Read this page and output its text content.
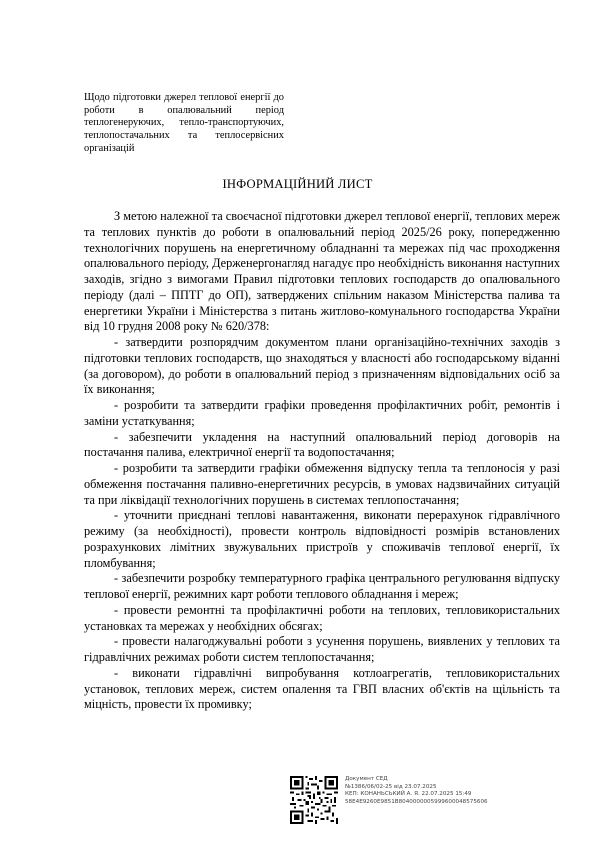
Щодо підготовки джерел теплової енергії до роботи в опалювальний період теплогенеруючих, тепло-транспортуючих, теплопостачальних та теплосервісних організацій

ІНФОРМАЦІЙНИЙ ЛИСТ

З метою належної та своєчасної підготовки джерел теплової енергії, теплових мереж та теплових пунктів до роботи в опалювальний період 2025/26 року, попередженню технологічних порушень на енергетичному обладнанні та мережах під час проходження опалювального періоду, Держенергонагляд нагадує про необхідність виконання наступних заходів, згідно з вимогами Правил підготовки теплових господарств до опалювального періоду (далі – ППТГ до ОП), затверджених спільним наказом Міністерства палива та енергетики України і Міністерства з питань житлово-комунального господарства України від 10 грудня 2008 року № 620/378:

- затвердити розпорядчим документом плани організаційно-технічних заходів з підготовки теплових господарств, що знаходяться у власності або господарському віданні (за договором), до роботи в опалювальний період з призначенням відповідальних осіб за їх виконання;

- розробити та затвердити графіки проведення профілактичних робіт, ремонтів і заміни устаткування;

- забезпечити укладення на наступний опалювальний період договорів на постачання палива, електричної енергії та водопостачання;

- розробити та затвердити графіки обмеження відпуску тепла та теплоносія у разі обмеження постачання паливно-енергетичних ресурсів, в умовах надзвичайних ситуацій та при ліквідації технологічних порушень в системах теплопостачання;

- уточнити приєднані теплові навантаження, виконати перерахунок гідравлічного режиму (за необхідності), провести контроль відповідності розмірів встановлених розрахункових лімітних звужувальних пристроїв у споживачів теплової енергії, їх пломбування;

- забезпечити розробку температурного графіка центрального регулювання відпуску теплової енергії, режимних карт роботи теплового обладнання і мереж;

- провести ремонтні та профілактичні роботи на теплових, тепловикористальних установках та мережах у необхідних обсягах;

- провести налагоджувальні роботи з усунення порушень, виявлених у теплових та гідравлічних режимах роботи систем теплопостачання;

- виконати гідравлічні випробування котлоагрегатів, тепловикористальних установок, теплових мереж, систем опалення та ГВП власних об'єктів на щільність та міцність, провести їх промивку;

Документ СЕД
№1386/06/02-25 від 23.07.2025
КЕП: КОНАНЬСЬКИЙ А. Я. 22.07.2025 15:49
58Е4Е9260Е9851В8040000005999600048575606
